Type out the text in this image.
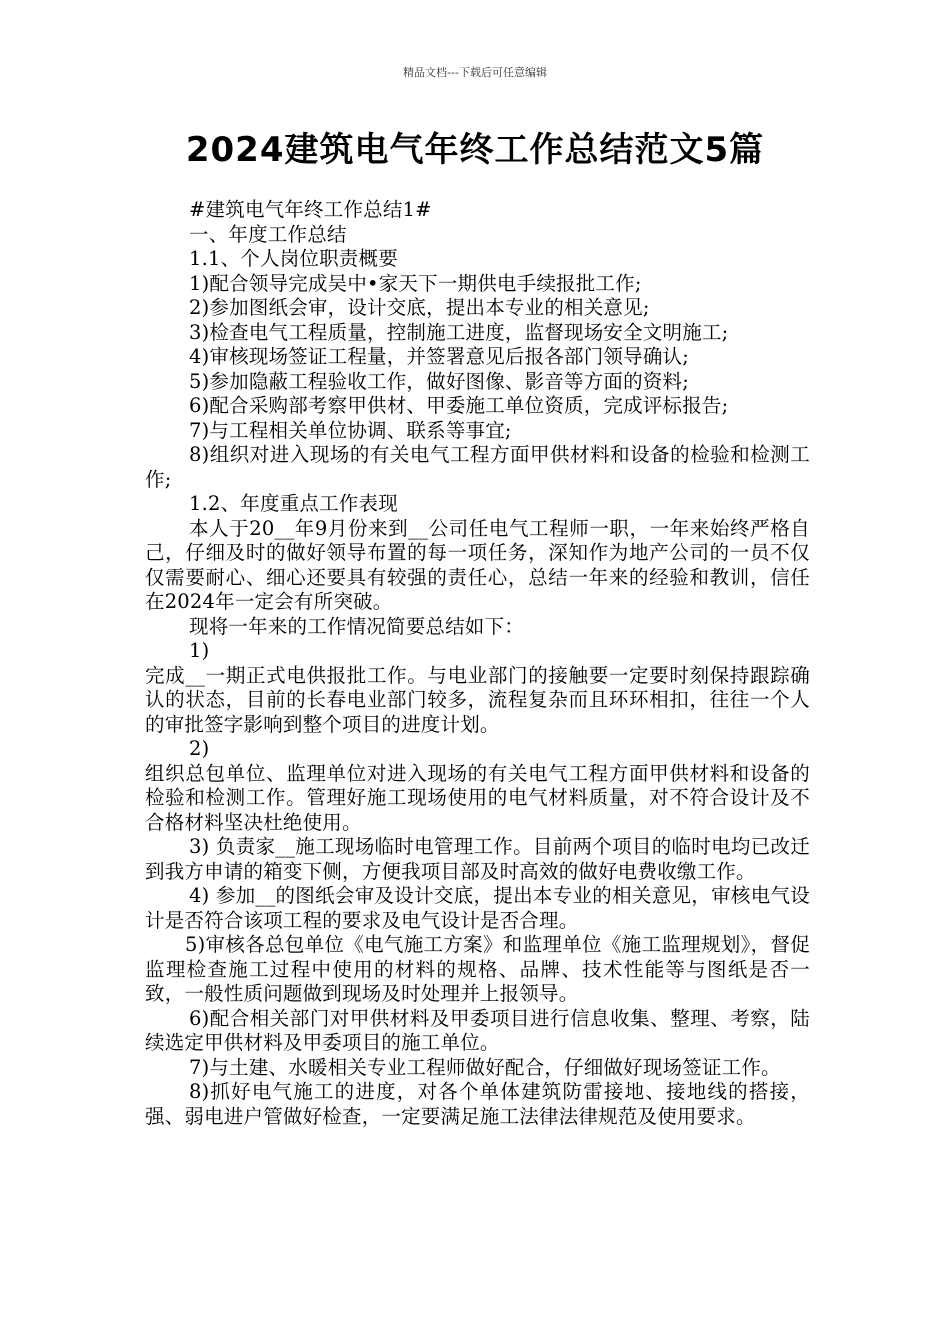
精品文档---下载后可任意编辑
2024建筑电气年终工作总结范文5篇

#建筑电气年终工作总结1#

一、年度工作总结

1.1、个人岗位职责概要

1)配合领导完成吴中•家天下一期供电手续报批工作;

2)参加图纸会审，设计交底，提出本专业的相关意见;

3)检查电气工程质量，控制施工进度，监督现场安全文明施工;

4)审核现场签证工程量，并签署意见后报各部门领导确认;

5)参加隐蔽工程验收工作，做好图像、影音等方面的资料;

6)配合采购部考察甲供材、甲委施工单位资质，完成评标报告;

7)与工程相关单位协调、联系等事宜;

8)组织对进入现场的有关电气工程方面甲供材料和设备的检验和检测工作;

1.2、年度重点工作表现

本人于20__年9月份来到__公司任电气工程师一职，一年来始终严格自己，仔细及时的做好领导布置的每一项任务，深知作为地产公司的一员不仅仅需要耐心、细心还要具有较强的责任心，总结一年来的经验和教训，信任在2024年一定会有所突破。

现将一年来的工作情况简要总结如下：

1)

完成__一期正式电供报批工作。与电业部门的接触要一定要时刻保持跟踪确认的状态，目前的长春电业部门较多，流程复杂而且环环相扣，往往一个人的审批签字影响到整个项目的进度计划。

2)

组织总包单位、监理单位对进入现场的有关电气工程方面甲供材料和设备的检验和检测工作。管理好施工现场使用的电气材料质量，对不符合设计及不合格材料坚决杜绝使用。

3) 负责家__施工现场临时电管理工作。目前两个项目的临时电均已改迁到我方申请的箱变下侧，方便我项目部及时高效的做好电费收缴工作。

4) 参加__的图纸会审及设计交底，提出本专业的相关意见，审核电气设计是否符合该项工程的要求及电气设计是否合理。

5)审核各总包单位《电气施工方案》和监理单位《施工监理规划》，督促监理检查施工过程中使用的材料的规格、品牌、技术性能等与图纸是否一致，一般性质问题做到现场及时处理并上报领导。

6)配合相关部门对甲供材料及甲委项目进行信息收集、整理、考察，陆续选定甲供材料及甲委项目的施工单位。

7)与土建、水暖相关专业工程师做好配合，仔细做好现场签证工作。

8)抓好电气施工的进度，对各个单体建筑防雷接地、接地线的搭接，强、弱电进户管做好检查，一定要满足施工法律法律规范及使用要求。
